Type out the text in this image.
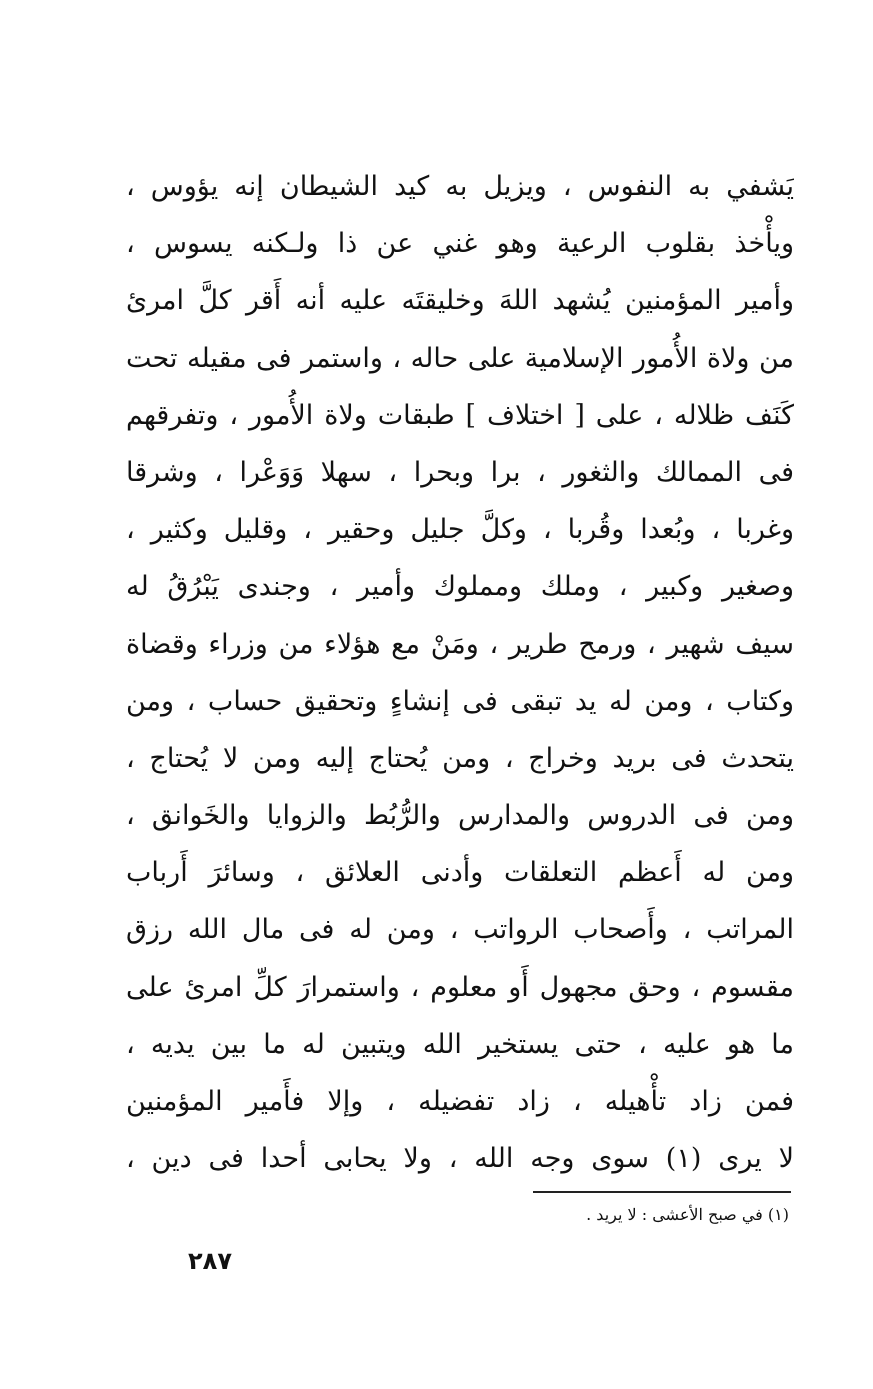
يَشفي به النفوس ، ويزيل به كيد الشيطان إنه يؤوس ،
ويأْخذ بقلوب الرعية وهو غني عن ذا ولـكنه يسوس ،
وأمير المؤمنين يُشهد اللهَ وخليقتَه عليه أنه أَقر كلَّ امرئ
من ولاة الأُمور الإسلامية على حاله ، واستمر فى مقيله تحت
كَنَف ظلاله ، على [ اختلاف ] طبقات ولاة الأُمور ، وتفرقهم
فى الممالك والثغور ، برا وبحرا ، سهلا وَوَعْرا ، وشرقا
وغربا ، وبُعدا وقُربا ، وكلَّ جليل وحقير ، وقليل وكثير ،
وصغير وكبير ، وملك ومملوك وأمير ، وجندى يَبْرُقُ له
سيف شهير ، ورمح طرير ، ومَنْ مع هؤلاء من وزراء وقضاة
وكتاب ، ومن له يد تبقى فى إنشاءٍ وتحقيق حساب ، ومن
يتحدث فى بريد وخراج ، ومن يُحتاج إليه ومن لا يُحتاج ،
ومن فى الدروس والمدارس والرُّبُط والزوايا والخَوانق ،
ومن له أَعظم التعلقات وأدنى العلائق ، وسائرَ أَرباب
المراتب ، وأَصحاب الرواتب ، ومن له فى مال الله رزق
مقسوم ، وحق مجهول أَو معلوم ، واستمرارَ كلِّ امرئ على
ما هو عليه ، حتى يستخير الله ويتبين له ما بين يديه ،
فمن زاد تأْهيله ، زاد تفضيله ، وإلا فأَمير المؤمنين
لا يرى (١) سوى وجه الله ، ولا يحابى أحدا فى دين ،
(١) في صبح الأعشى : لا يريد .
٢٨٧
